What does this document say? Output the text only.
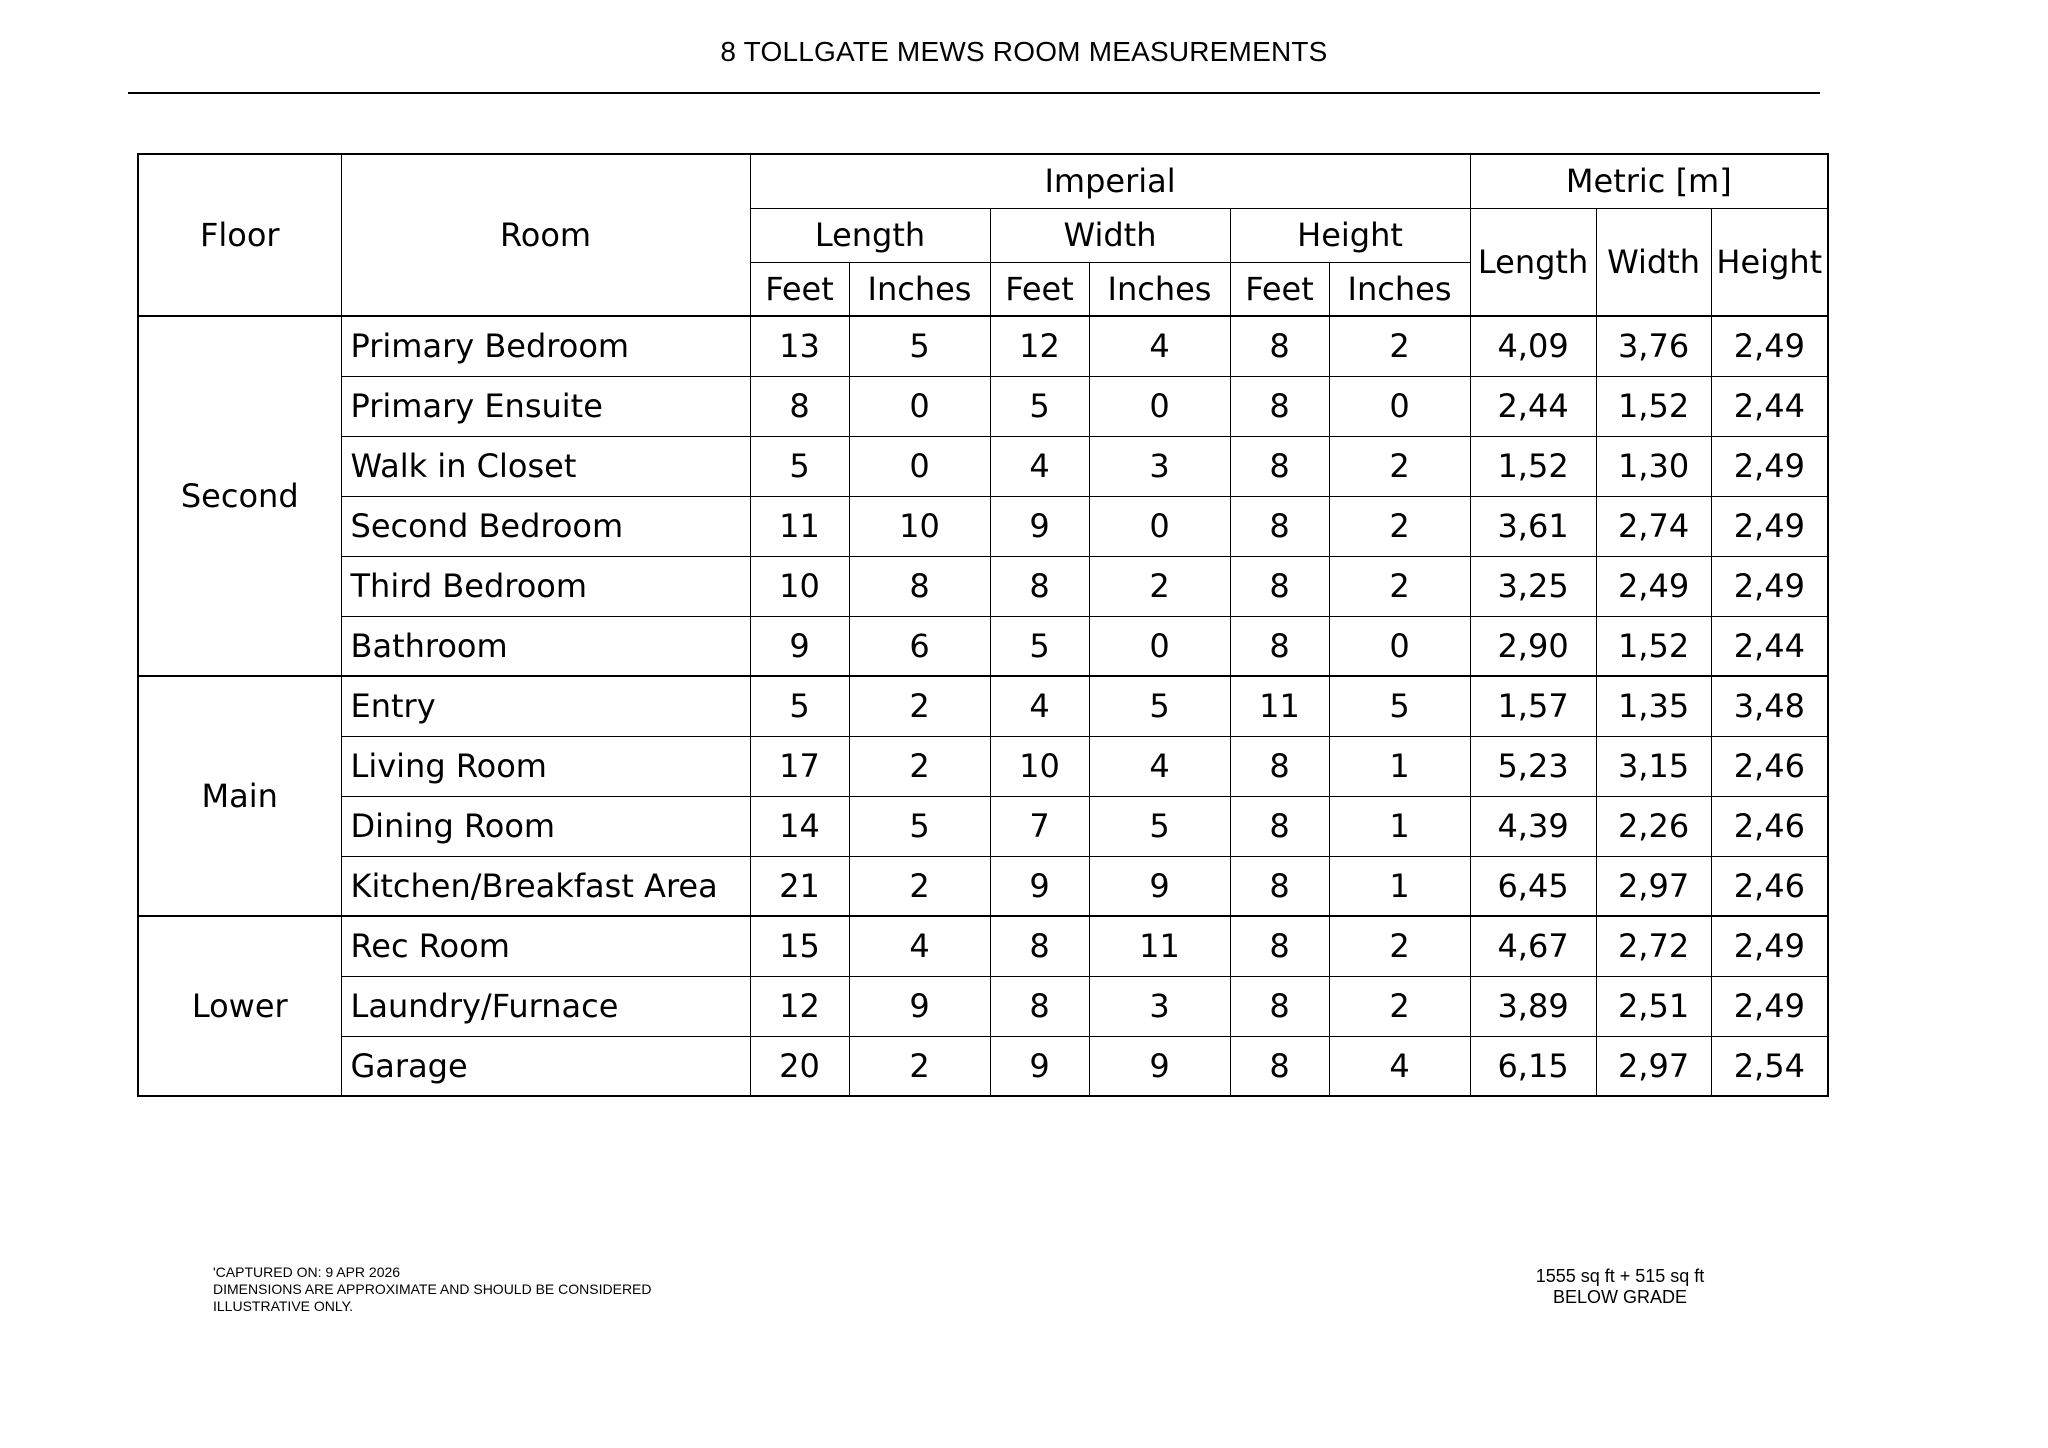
8 TOLLGATE MEWS ROOM MEASUREMENTS
Floor	Room	Imperial						Metric [m]		
		Length		Width		Height		Length	Width	Height
		Feet	Inches	Feet	Inches	Feet	Inches			
Second	Primary Bedroom	13	5	12	4	8	2	4,09	3,76	2,49
	Primary Ensuite	8	0	5	0	8	0	2,44	1,52	2,44
	Walk in Closet	5	0	4	3	8	2	1,52	1,30	2,49
	Second Bedroom	11	10	9	0	8	2	3,61	2,74	2,49
	Third Bedroom	10	8	8	2	8	2	3,25	2,49	2,49
	Bathroom	9	6	5	0	8	0	2,90	1,52	2,44
Main	Entry	5	2	4	5	11	5	1,57	1,35	3,48
	Living Room	17	2	10	4	8	1	5,23	3,15	2,46
	Dining Room	14	5	7	5	8	1	4,39	2,26	2,46
	Kitchen/Breakfast Area	21	2	9	9	8	1	6,45	2,97	2,46
Lower	Rec Room	15	4	8	11	8	2	4,67	2,72	2,49
	Laundry/Furnace	12	9	8	3	8	2	3,89	2,51	2,49
	Garage	20	2	9	9	8	4	6,15	2,97	2,54
'CAPTURED ON: 9 APR 2026
DIMENSIONS ARE APPROXIMATE AND SHOULD BE CONSIDERED
ILLUSTRATIVE ONLY.
1555 sq ft + 515 sq ft
BELOW GRADE
